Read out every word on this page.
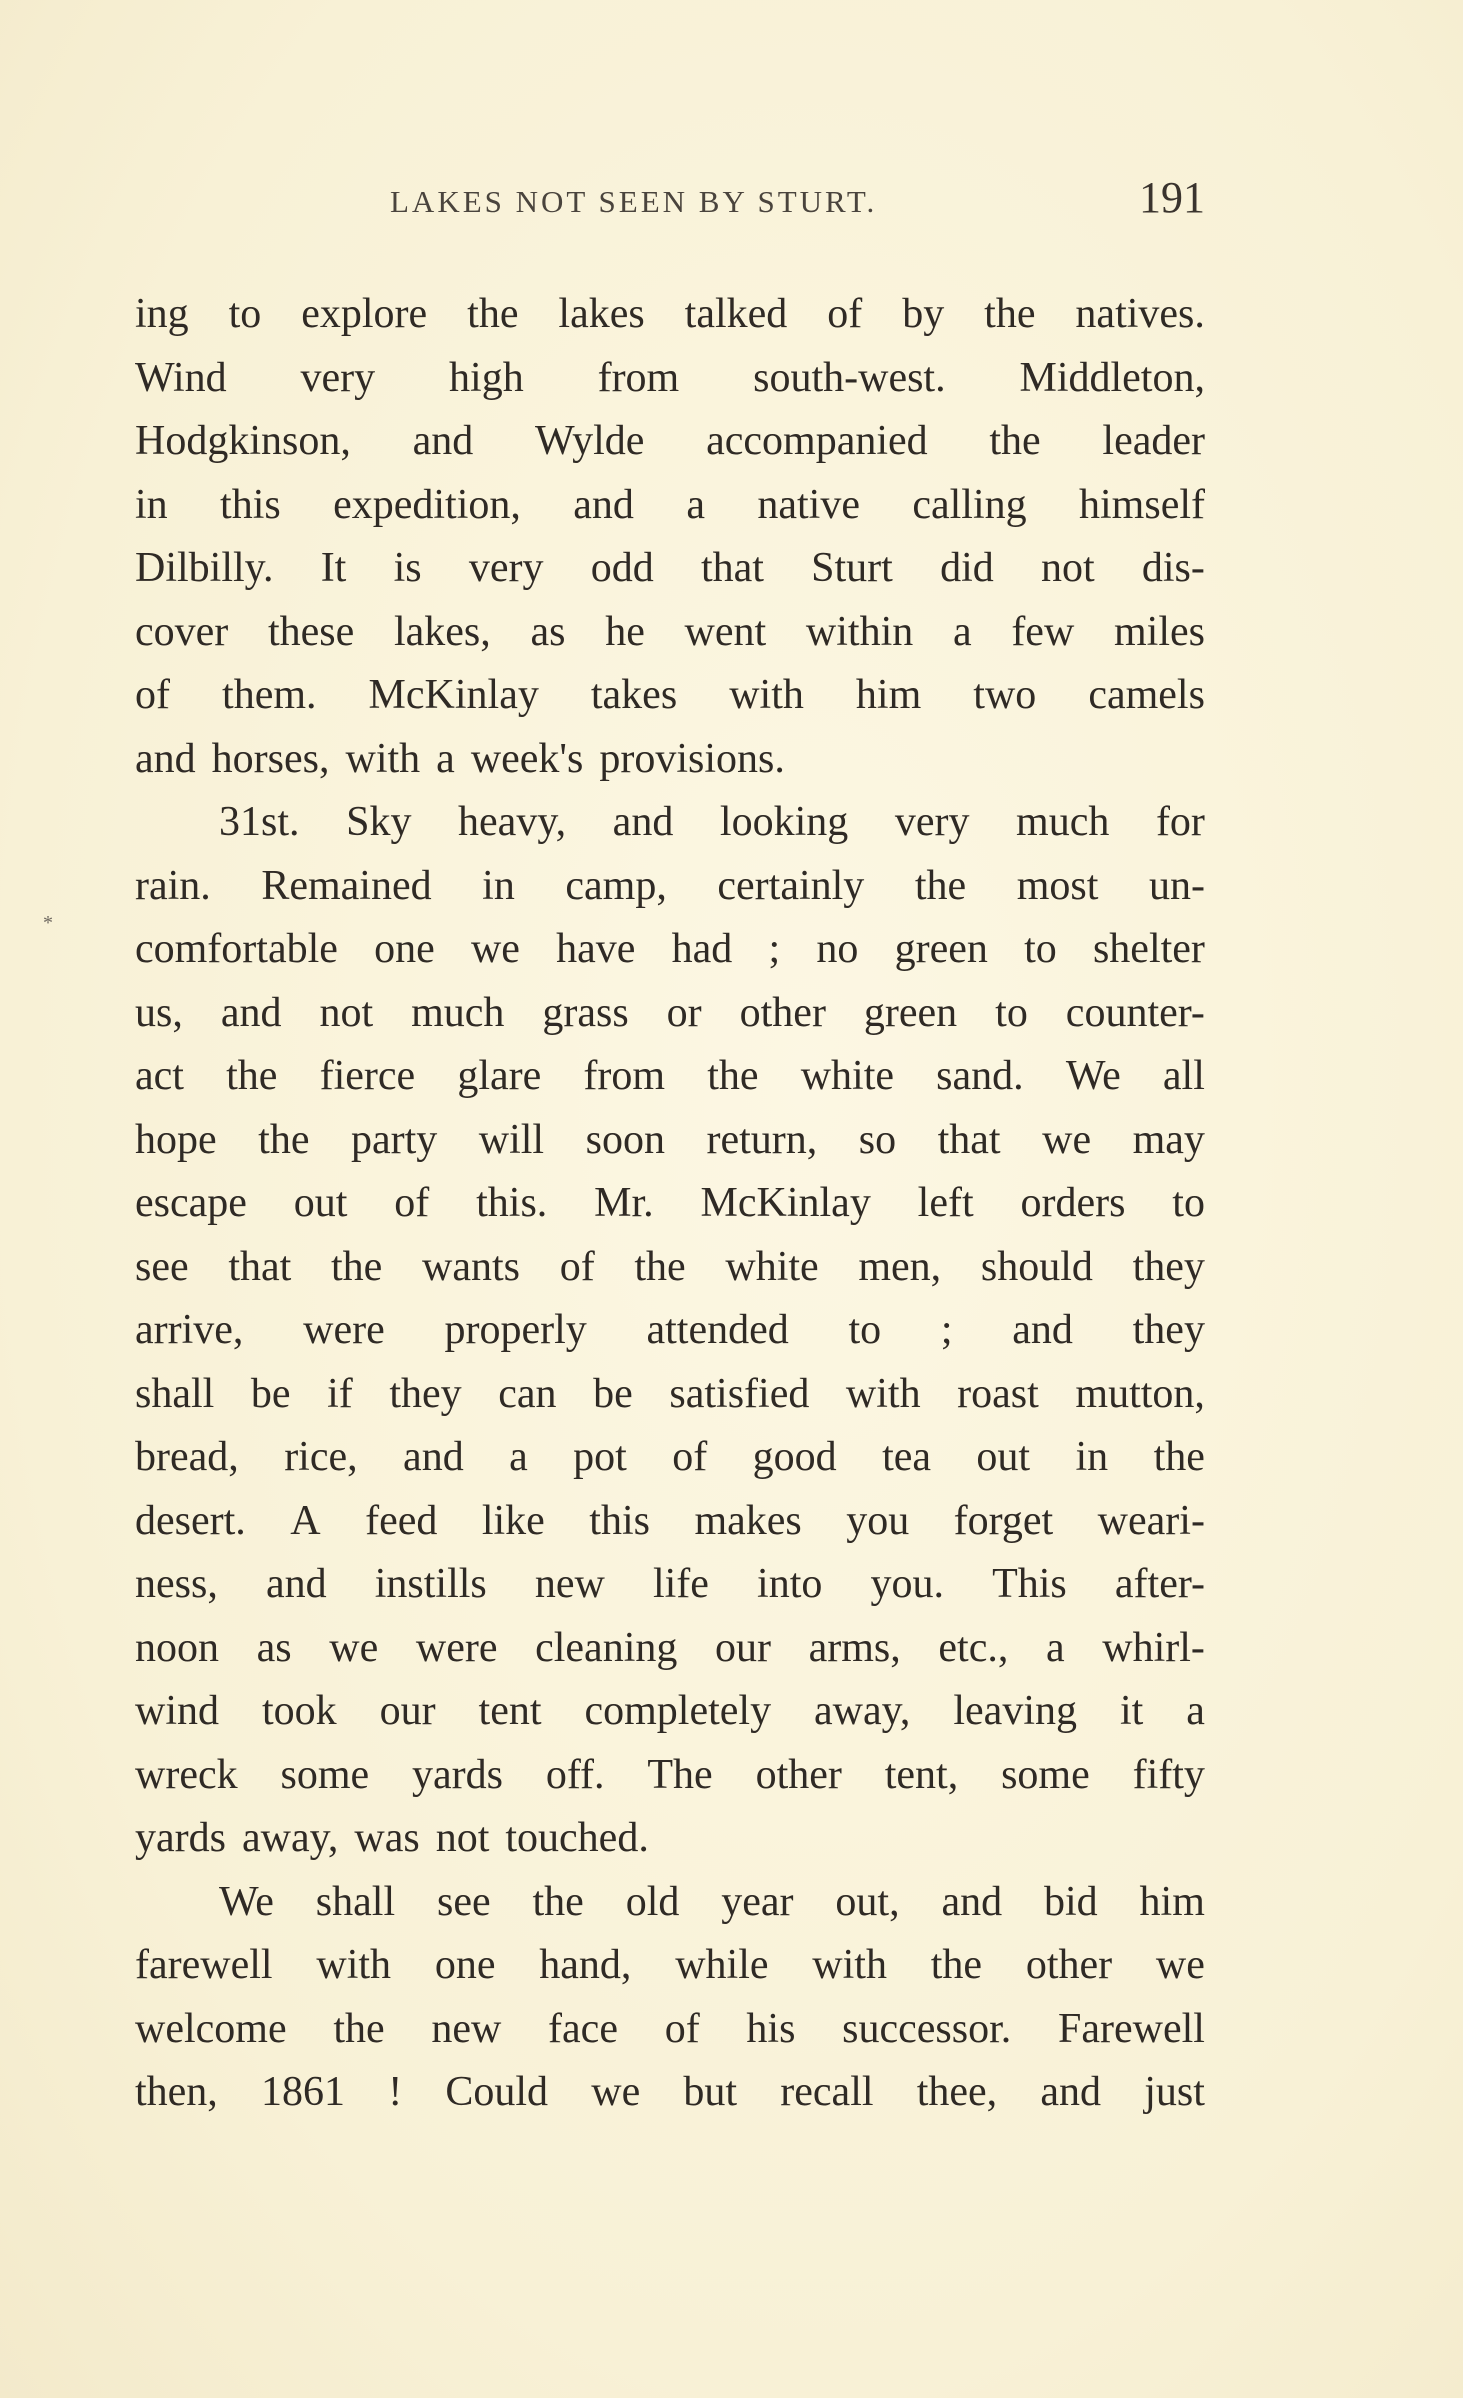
LAKES NOT SEEN BY STURT.	191
*
ing to explore the lakes talked of by the natives.
Wind very high from south-west. Middleton,
Hodgkinson, and Wylde accompanied the leader
in this expedition, and a native calling himself
Dilbilly. It is very odd that Sturt did not dis-
cover these lakes, as he went within a few miles
of them. McKinlay takes with him two camels
and horses, with a week's provisions.
31st. Sky heavy, and looking very much for
rain. Remained in camp, certainly the most un-
comfortable one we have had ; no green to shelter
us, and not much grass or other green to counter-
act the fierce glare from the white sand. We all
hope the party will soon return, so that we may
escape out of this. Mr. McKinlay left orders to
see that the wants of the white men, should they
arrive, were properly attended to ; and they
shall be if they can be satisfied with roast mutton,
bread, rice, and a pot of good tea out in the
desert. A feed like this makes you forget weari-
ness, and instills new life into you. This after-
noon as we were cleaning our arms, etc., a whirl-
wind took our tent completely away, leaving it a
wreck some yards off. The other tent, some fifty
yards away, was not touched.
We shall see the old year out, and bid him
farewell with one hand, while with the other we
welcome the new face of his successor. Farewell
then, 1861 ! Could we but recall thee, and just
